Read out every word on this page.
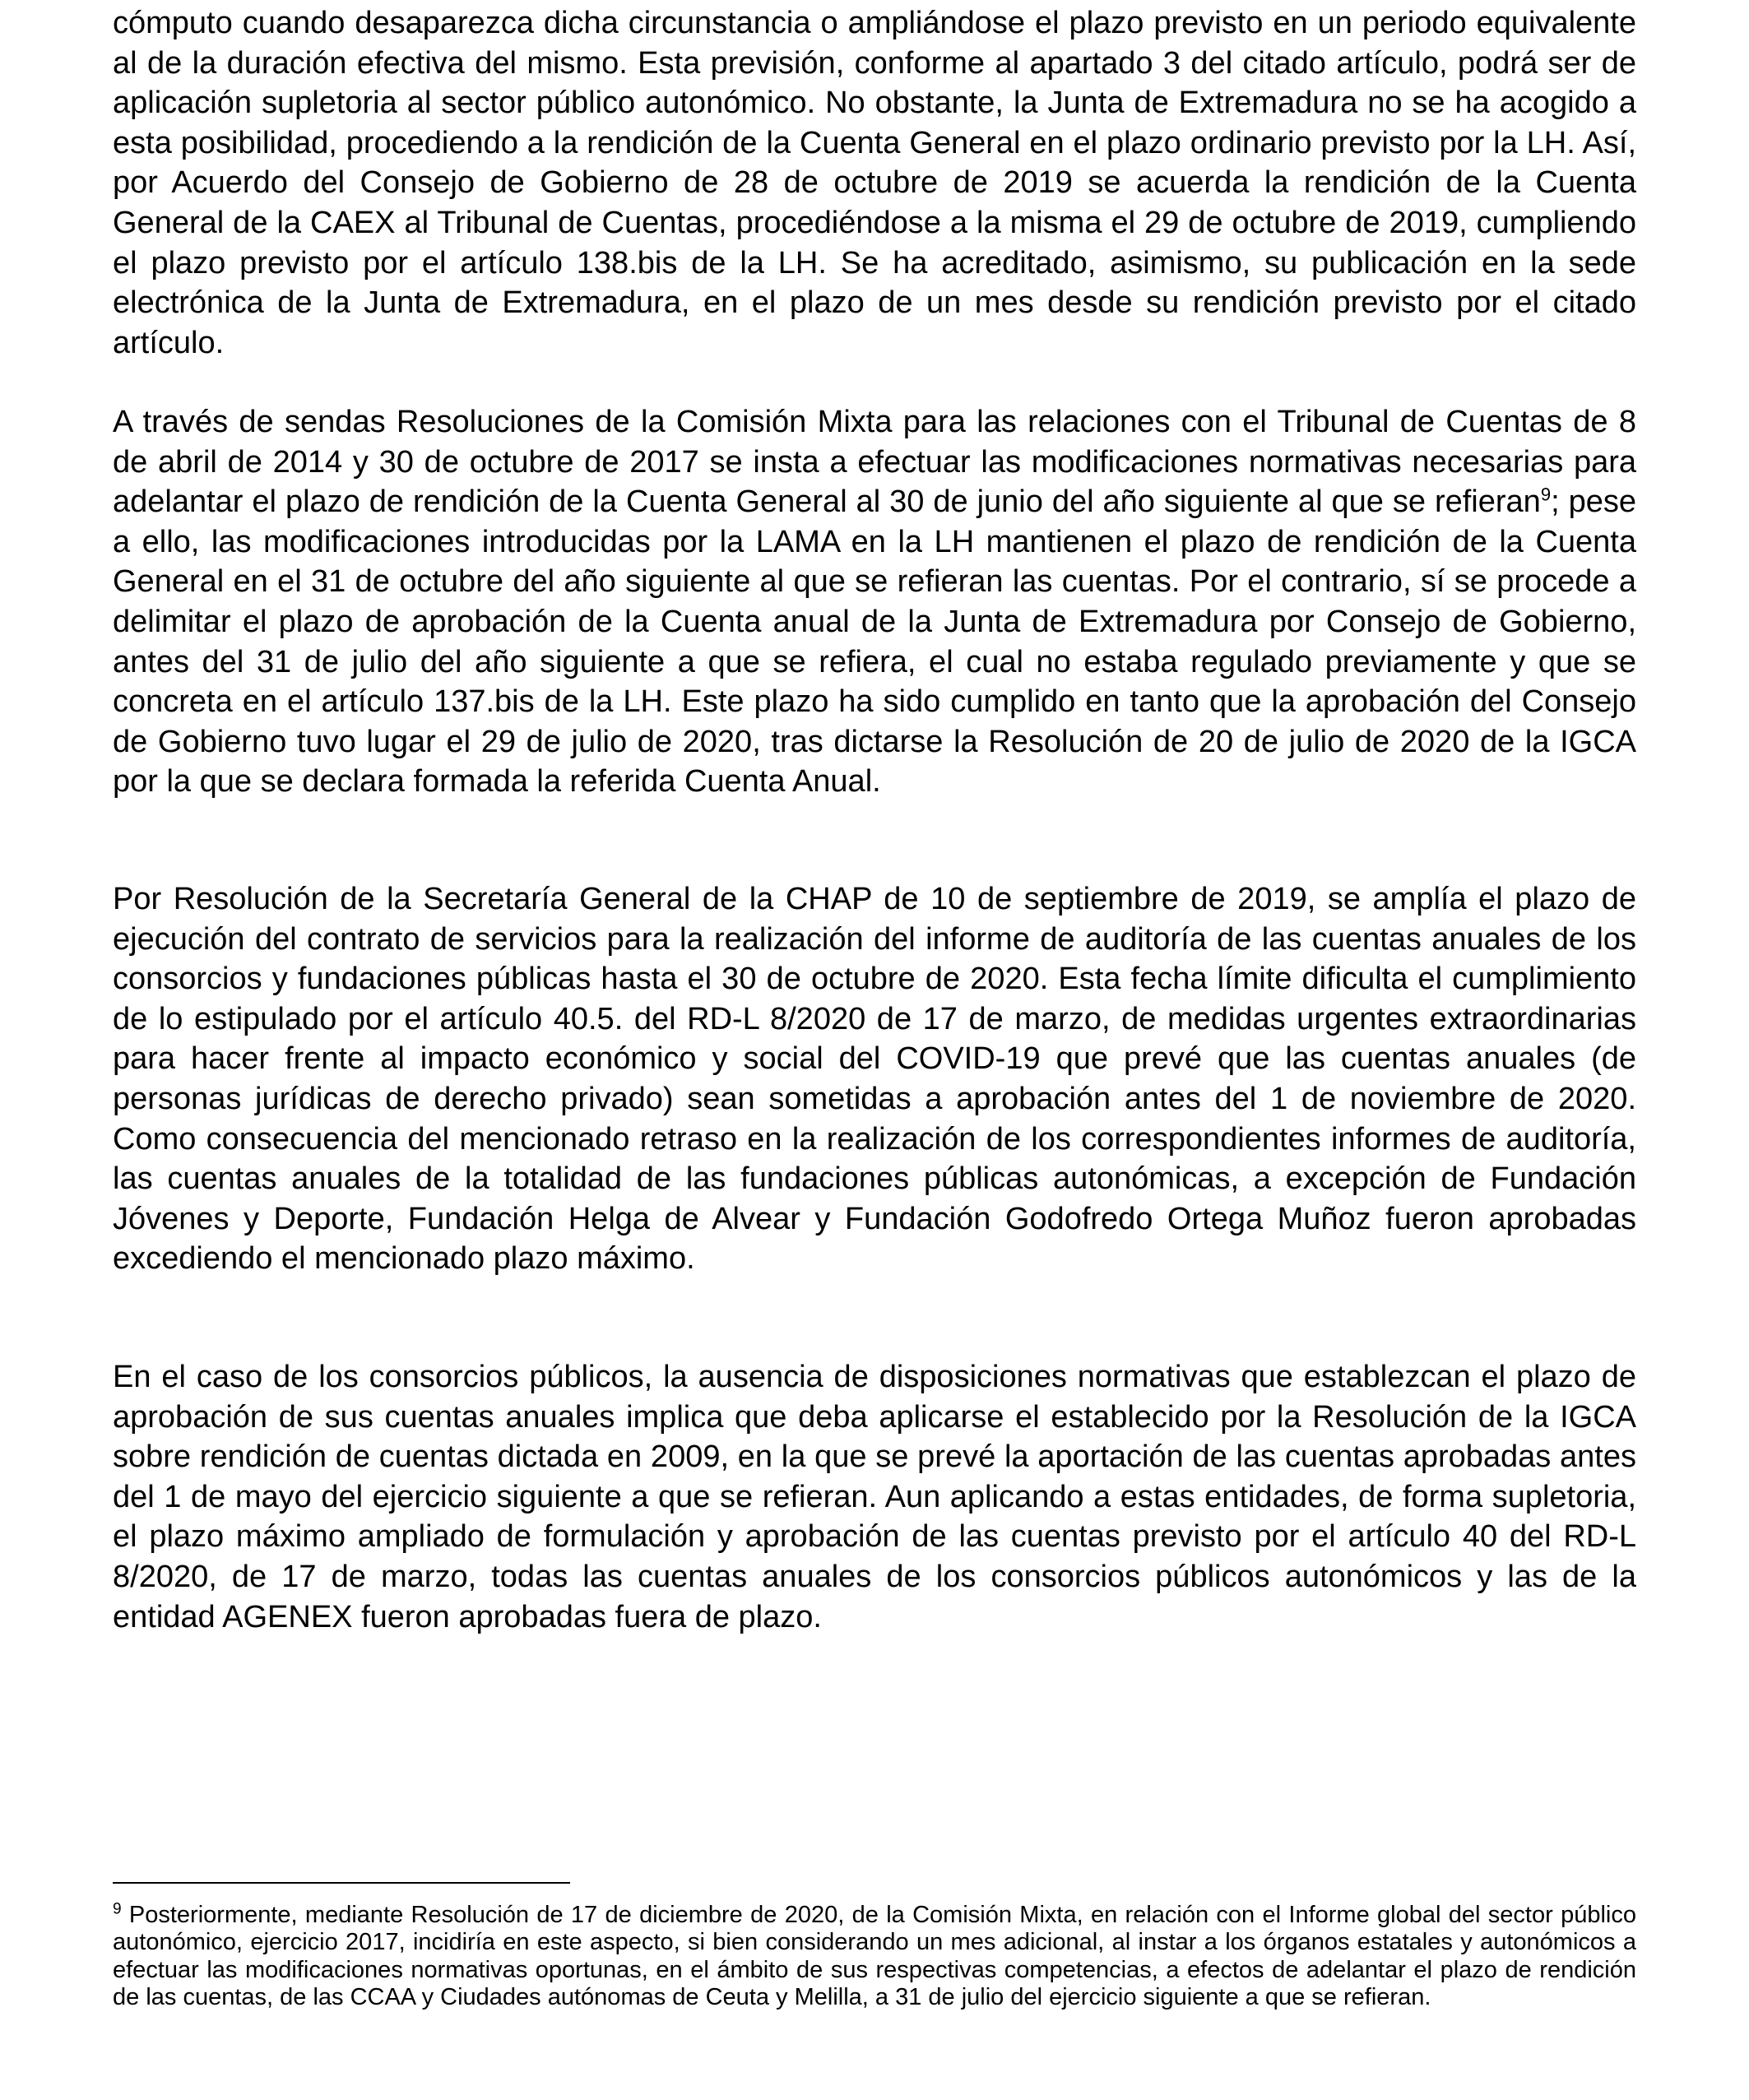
cómputo cuando desaparezca dicha circunstancia o ampliándose el plazo previsto en un periodo equivalente al de la duración efectiva del mismo. Esta previsión, conforme al apartado 3 del citado artículo, podrá ser de aplicación supletoria al sector público autonómico. No obstante, la Junta de Extremadura no se ha acogido a esta posibilidad, procediendo a la rendición de la Cuenta General en el plazo ordinario previsto por la LH. Así, por Acuerdo del Consejo de Gobierno de 28 de octubre de 2019 se acuerda la rendición de la Cuenta General de la CAEX al Tribunal de Cuentas, procediéndose a la misma el 29 de octubre de 2019, cumpliendo el plazo previsto por el artículo 138.bis de la LH. Se ha acreditado, asimismo, su publicación en la sede electrónica de la Junta de Extremadura, en el plazo de un mes desde su rendición previsto por el citado artículo.

A través de sendas Resoluciones de la Comisión Mixta para las relaciones con el Tribunal de Cuentas de 8 de abril de 2014 y 30 de octubre de 2017 se insta a efectuar las modificaciones normativas necesarias para adelantar el plazo de rendición de la Cuenta General al 30 de junio del año siguiente al que se refieran$^9$; pese a ello, las modificaciones introducidas por la LAMA en la LH mantienen el plazo de rendición de la Cuenta General en el 31 de octubre del año siguiente al que se refieran las cuentas. Por el contrario, sí se procede a delimitar el plazo de aprobación de la Cuenta anual de la Junta de Extremadura por Consejo de Gobierno, antes del 31 de julio del año siguiente a que se refiera, el cual no estaba regulado previamente y que se concreta en el artículo 137.bis de la LH. Este plazo ha sido cumplido en tanto que la aprobación del Consejo de Gobierno tuvo lugar el 29 de julio de 2020, tras dictarse la Resolución de 20 de julio de 2020 de la IGCA por la que se declara formada la referida Cuenta Anual.

Por Resolución de la Secretaría General de la CHAP de 10 de septiembre de 2019, se amplía el plazo de ejecución del contrato de servicios para la realización del informe de auditoría de las cuentas anuales de los consorcios y fundaciones públicas hasta el 30 de octubre de 2020. Esta fecha límite dificulta el cumplimiento de lo estipulado por el artículo 40.5. del RD-L 8/2020 de 17 de marzo, de medidas urgentes extraordinarias para hacer frente al impacto económico y social del COVID-19 que prevé que las cuentas anuales (de personas jurídicas de derecho privado) sean sometidas a aprobación antes del 1 de noviembre de 2020. Como consecuencia del mencionado retraso en la realización de los correspondientes informes de auditoría, las cuentas anuales de la totalidad de las fundaciones públicas autonómicas, a excepción de Fundación Jóvenes y Deporte, Fundación Helga de Alvear y Fundación Godofredo Ortega Muñoz fueron aprobadas excediendo el mencionado plazo máximo.

En el caso de los consorcios públicos, la ausencia de disposiciones normativas que establezcan el plazo de aprobación de sus cuentas anuales implica que deba aplicarse el establecido por la Resolución de la IGCA sobre rendición de cuentas dictada en 2009, en la que se prevé la aportación de las cuentas aprobadas antes del 1 de mayo del ejercicio siguiente a que se refieran. Aun aplicando a estas entidades, de forma supletoria, el plazo máximo ampliado de formulación y aprobación de las cuentas previsto por el artículo 40 del RD-L 8/2020, de 17 de marzo, todas las cuentas anuales de los consorcios públicos autonómicos y las de la entidad AGENEX fueron aprobadas fuera de plazo.

$^9$ Posteriormente, mediante Resolución de 17 de diciembre de 2020, de la Comisión Mixta, en relación con el Informe global del sector público autonómico, ejercicio 2017, incidiría en este aspecto, si bien considerando un mes adicional, al instar a los órganos estatales y autonómicos a efectuar las modificaciones normativas oportunas, en el ámbito de sus respectivas competencias, a efectos de adelantar el plazo de rendición de las cuentas, de las CCAA y Ciudades autónomas de Ceuta y Melilla, a 31 de julio del ejercicio siguiente a que se refieran.
